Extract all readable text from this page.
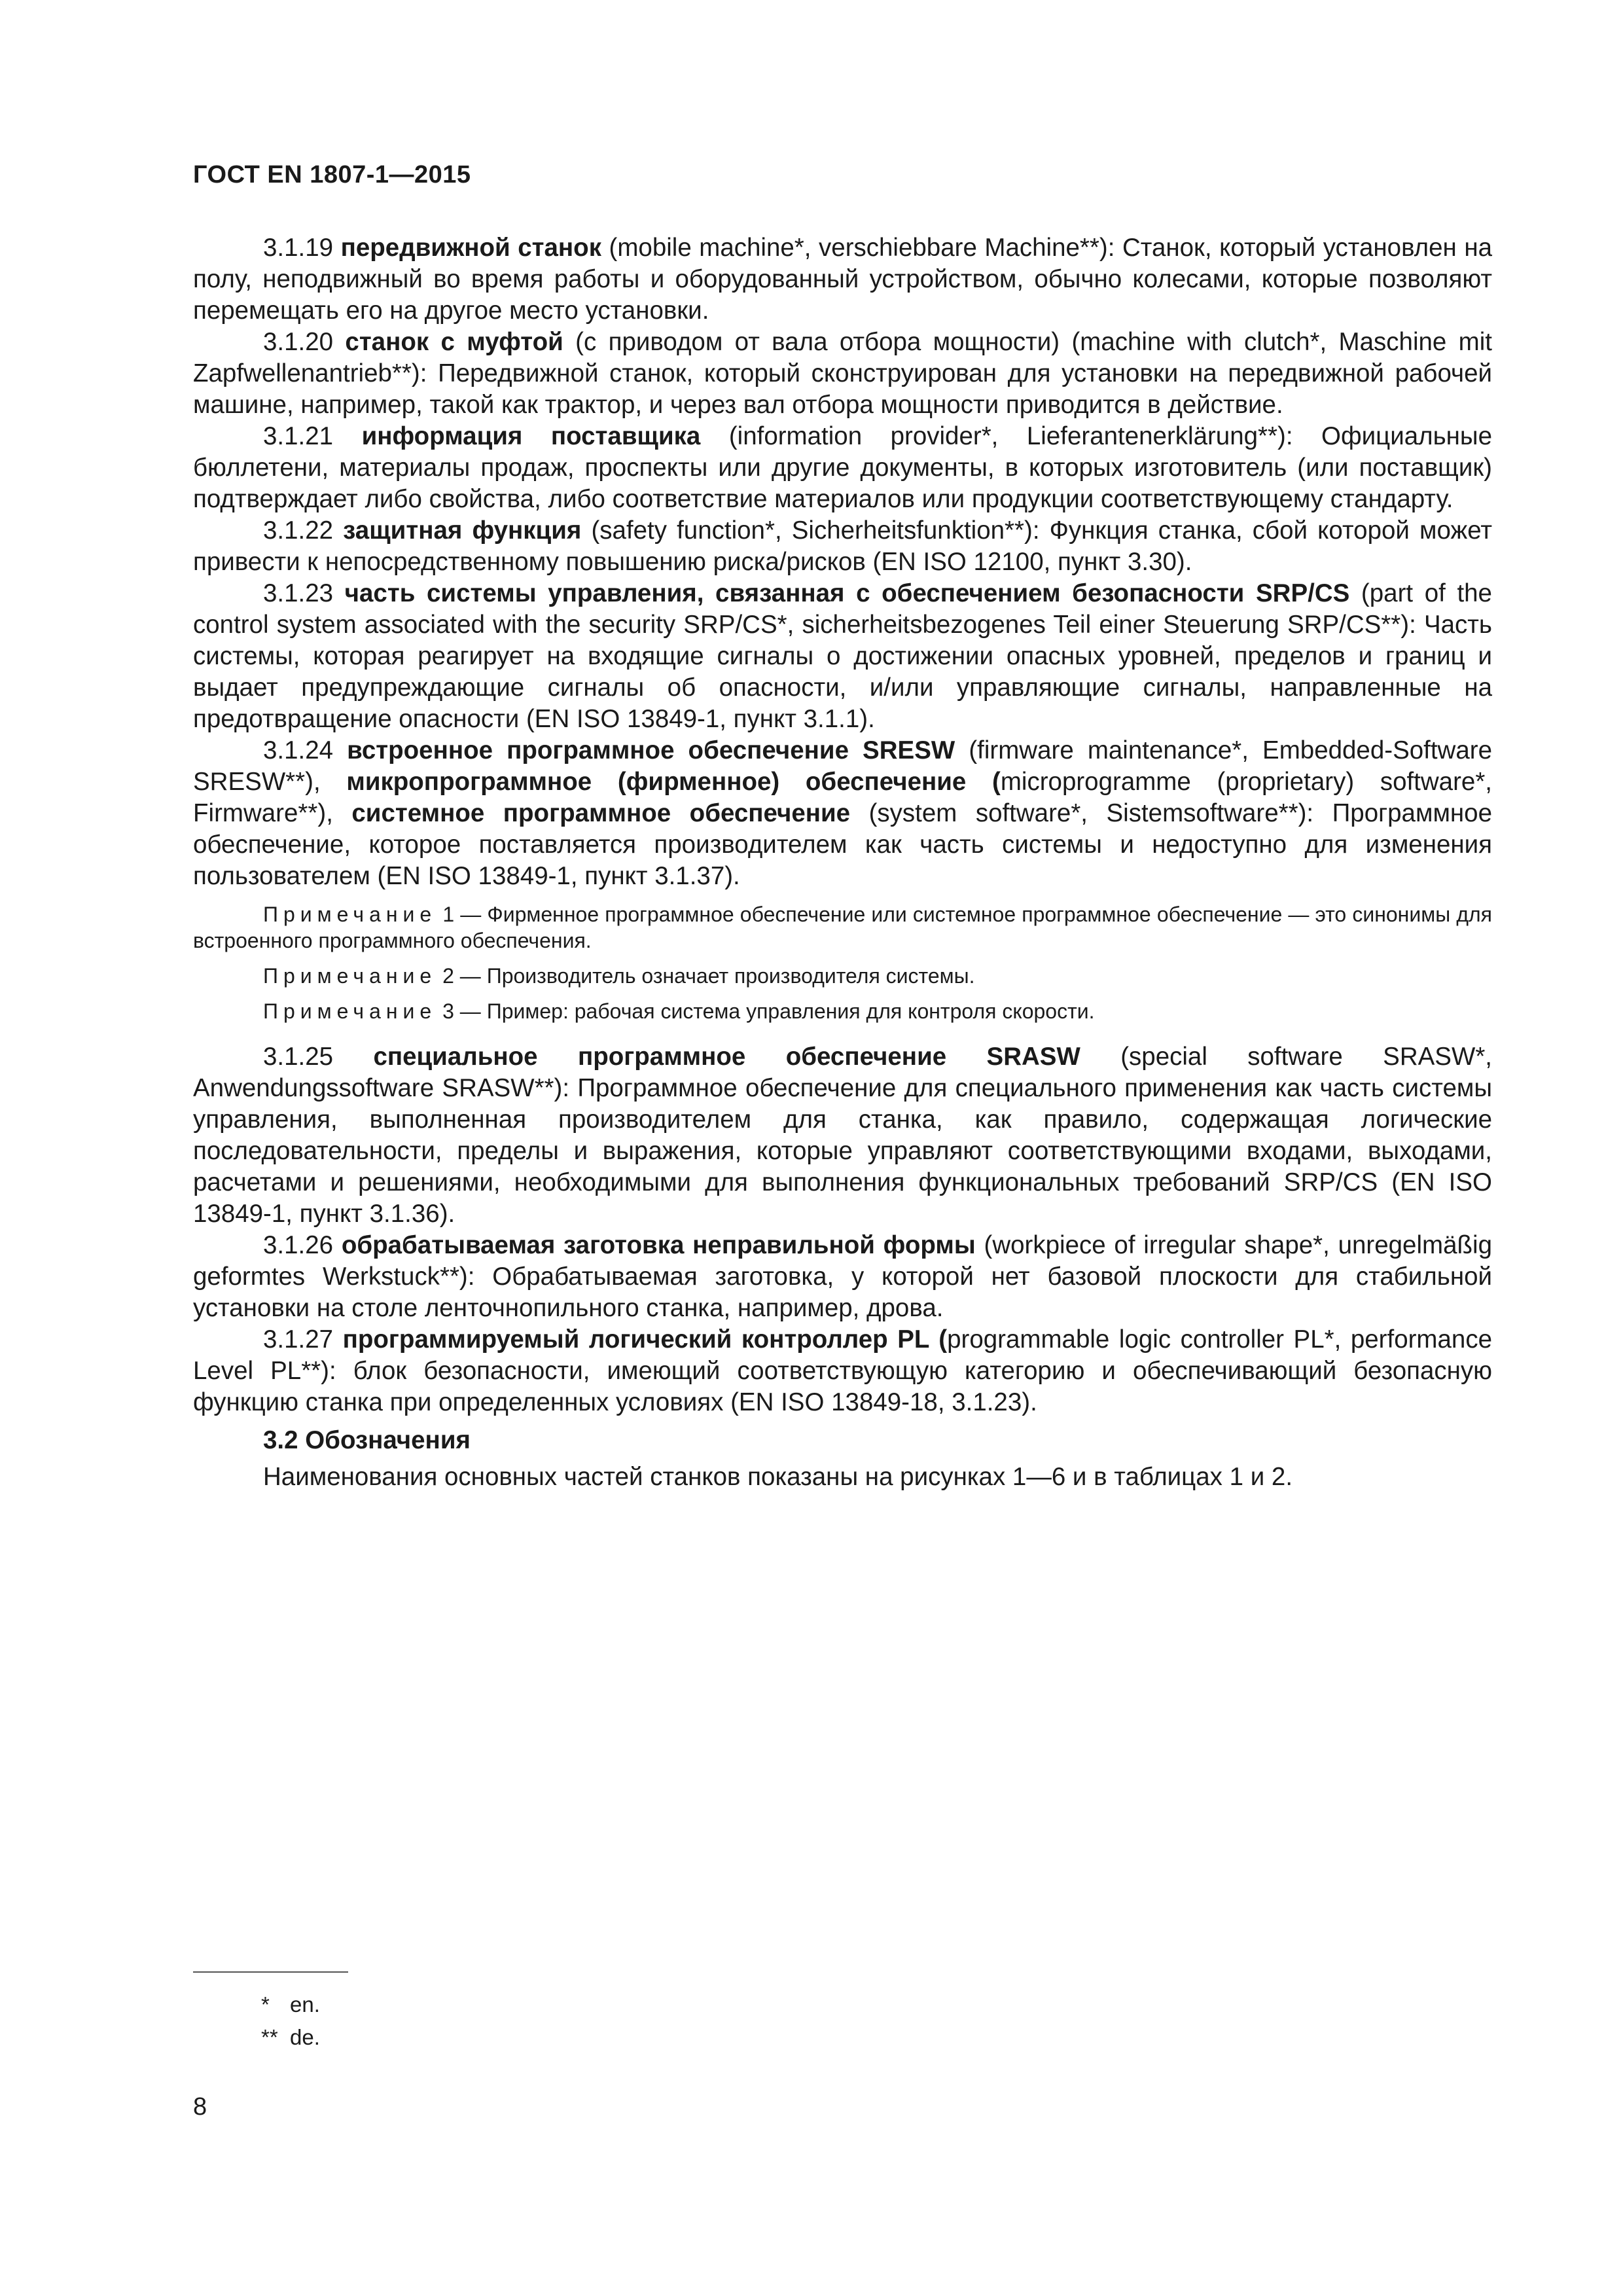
ГОСТ EN 1807-1—2015

3.1.19 передвижной станок (mobile machine*, verschiebbare Machine**): Станок, который установлен на полу, неподвижный во время работы и оборудованный устройством, обычно колесами, которые позволяют перемещать его на другое место установки.

3.1.20 станок с муфтой (с приводом от вала отбора мощности) (machine with clutch*, Maschine mit Zapfwellenantrieb**): Передвижной станок, который сконструирован для установки на передвижной рабочей машине, например, такой как трактор, и через вал отбора мощности приводится в действие.

3.1.21 информация поставщика (information provider*, Lieferantenerklärung**): Официальные бюллетени, материалы продаж, проспекты или другие документы, в которых изготовитель (или поставщик) подтверждает либо свойства, либо соответствие материалов или продукции соответствующему стандарту.

3.1.22 защитная функция (safety function*, Sicherheitsfunktion**): Функция станка, сбой которой может привести к непосредственному повышению риска/рисков (EN ISO 12100, пункт 3.30).

3.1.23 часть системы управления, связанная с обеспечением безопасности SRP/CS (part of the control system associated with the security SRP/CS*, sicherheitsbezogenes Teil einer Steuerung SRP/CS**): Часть системы, которая реагирует на входящие сигналы о достижении опасных уровней, пределов и границ и выдает предупреждающие сигналы об опасности, и/или управляющие сигналы, направленные на предотвращение опасности (EN ISO 13849-1, пункт 3.1.1).

3.1.24 встроенное программное обеспечение SRESW (firmware maintenance*, Embedded-Software SRESW**), микропрограммное (фирменное) обеспечение (microprogramme (proprietary) software*, Firmware**), системное программное обеспечение (system software*, Sistemsoftware**): Программное обеспечение, которое поставляется производителем как часть системы и недоступно для изменения пользователем (EN ISO 13849-1, пункт 3.1.37).

Примечание 1 — Фирменное программное обеспечение или системное программное обеспечение — это синонимы для встроенного программного обеспечения.

Примечание 2 — Производитель означает производителя системы.

Примечание 3 — Пример: рабочая система управления для контроля скорости.

3.1.25 специальное программное обеспечение SRASW (special software SRASW*, Anwendungssoftware SRASW**): Программное обеспечение для специального применения как часть системы управления, выполненная производителем для станка, как правило, содержащая логические последовательности, пределы и выражения, которые управляют соответствующими входами, выходами, расчетами и решениями, необходимыми для выполнения функциональных требований SRP/CS (EN ISO 13849-1, пункт 3.1.36).

3.1.26 обрабатываемая заготовка неправильной формы (workpiece of irregular shape*, unregelmäßig geformtes Werkstuck**): Обрабатываемая заготовка, у которой нет базовой плоскости для стабильной установки на столе ленточнопильного станка, например, дрова.

3.1.27 программируемый логический контроллер PL (programmable logic controller PL*, performance Level PL**): блок безопасности, имеющий соответствующую категорию и обеспечивающий безопасную функцию станка при определенных условиях (EN ISO 13849-18, 3.1.23).

3.2 Обозначения

Наименования основных частей станков показаны на рисунках 1—6 и в таблицах 1 и 2.

* en.
** de.
8
